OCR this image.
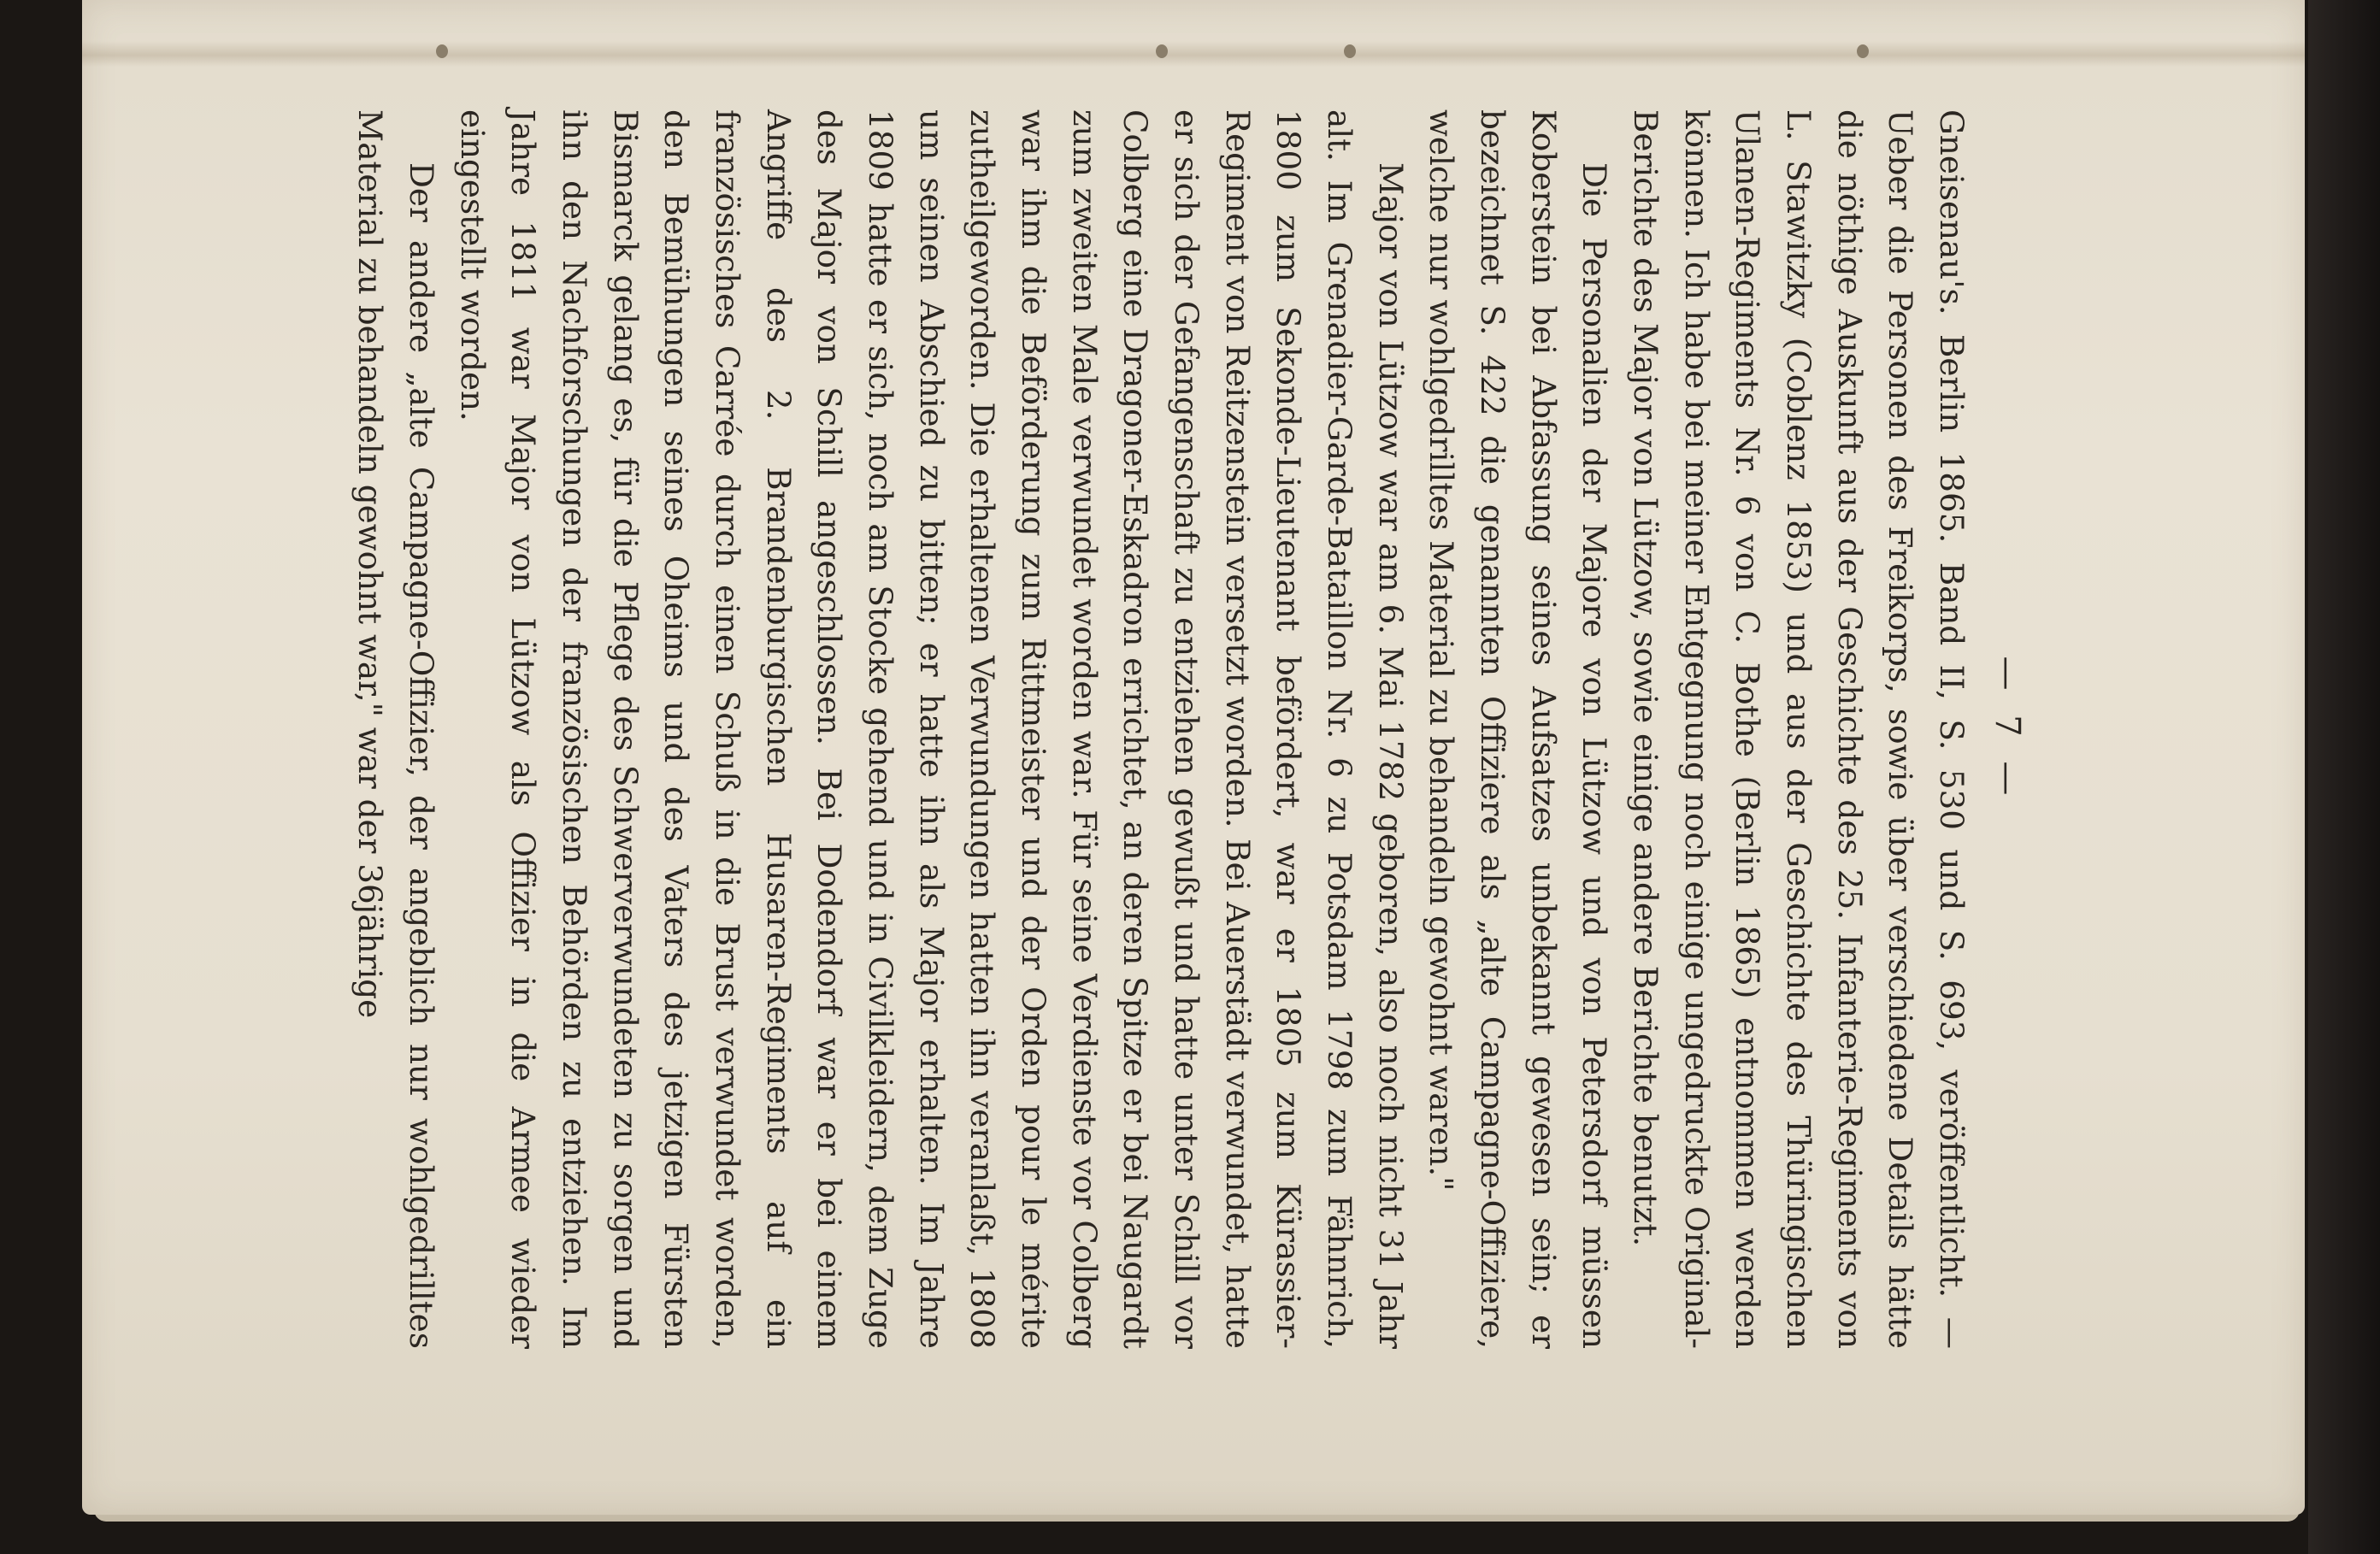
— 7 —

Gneisenau's. Berlin 1865. Band II, S. 530 und S. 693, veröffentlicht. — Ueber die Personen des Freikorps, sowie über verschiedene Details hätte die nöthige Auskunft aus der Geschichte des 25. Infanterie-Regiments von L. Stawitzky (Coblenz 1853) und aus der Geschichte des Thüringischen Ulanen-Regiments Nr. 6 von C. Bothe (Berlin 1865) entnommen werden können. Ich habe bei meiner Entgegnung noch einige ungedruckte Original-Berichte des Major von Lützow, sowie einige andere Berichte benutzt.

Die Personalien der Majore von Lützow und von Petersdorf müssen Koberstein bei Abfassung seines Aufsatzes unbekannt gewesen sein; er bezeichnet S. 422 die genannten Offiziere als „alte Campagne-Offiziere, welche nur wohlgedrilltes Material zu behandeln gewohnt waren."

Major von Lützow war am 6. Mai 1782 geboren, also noch nicht 31 Jahr alt. Im Grenadier-Garde-Bataillon Nr. 6 zu Potsdam 1798 zum Fähnrich, 1800 zum Sekonde-Lieutenant befördert, war er 1805 zum Kürassier-Regiment von Reitzenstein versetzt worden. Bei Auerstädt verwundet, hatte er sich der Gefangenschaft zu entziehen gewußt und hatte unter Schill vor Colberg eine Dragoner-Eskadron errichtet, an deren Spitze er bei Naugardt zum zweiten Male verwundet worden war. Für seine Verdienste vor Colberg war ihm die Beförderung zum Rittmeister und der Orden pour le mérite zutheilgeworden. Die erhaltenen Verwundungen hatten ihn veranlaßt, 1808 um seinen Abschied zu bitten; er hatte ihn als Major erhalten. Im Jahre 1809 hatte er sich, noch am Stocke gehend und in Civilkleidern, dem Zuge des Major von Schill angeschlossen. Bei Dodendorf war er bei einem Angriffe des 2. Brandenburgischen Husaren-Regiments auf ein französisches Carrée durch einen Schuß in die Brust verwundet worden, den Bemühungen seines Oheims und des Vaters des jetzigen Fürsten Bismarck gelang es, für die Pflege des Schwerverwundeten zu sorgen und ihn den Nachforschungen der französischen Behörden zu entziehen. Im Jahre 1811 war Major von Lützow als Offizier in die Armee wieder eingestellt worden.

Der andere „alte Campagne-Offizier, der angeblich nur wohlgedrilltes Material zu behandeln gewohnt war," war der 36jährige
